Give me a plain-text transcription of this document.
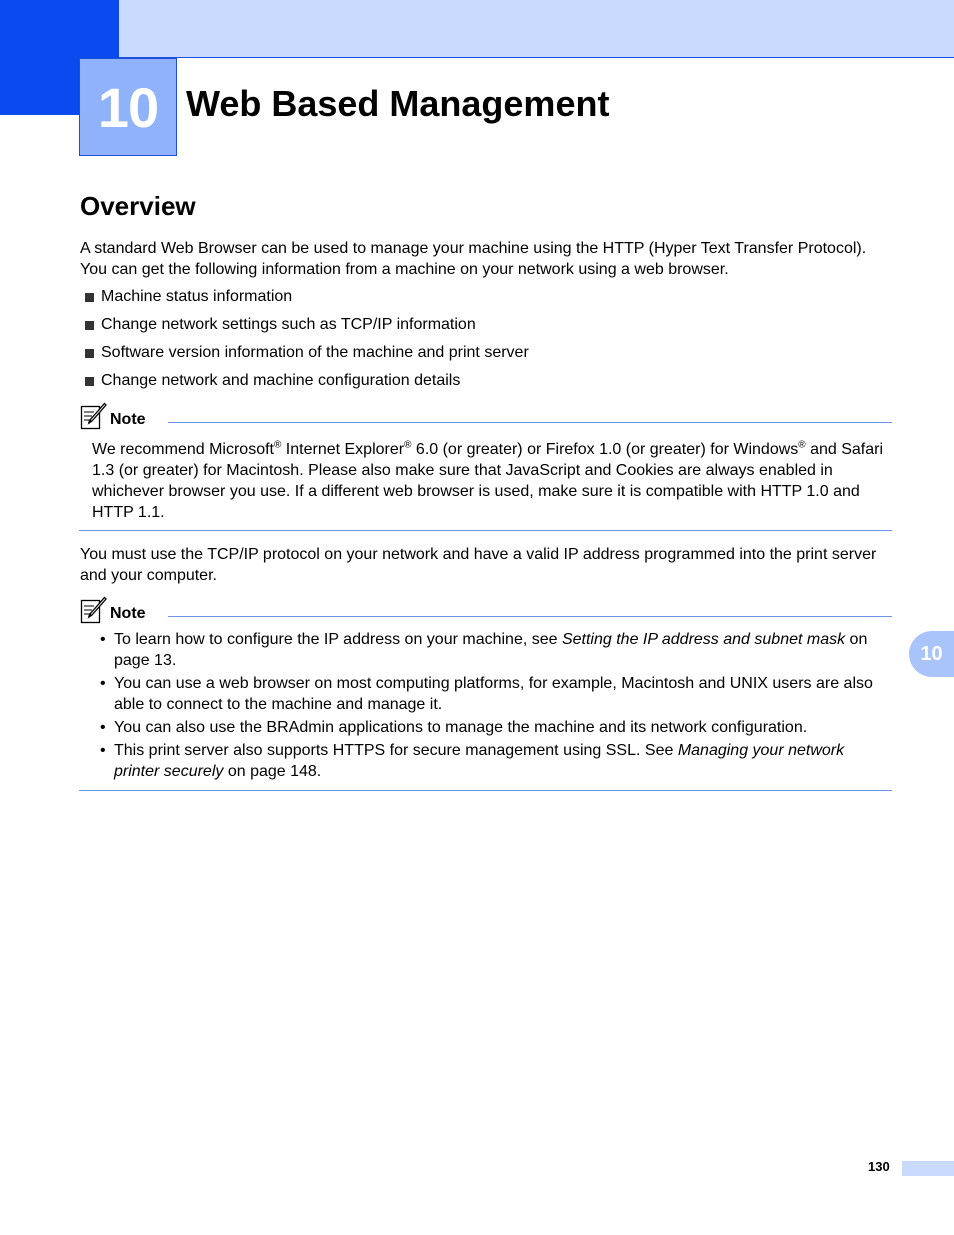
10 Web Based Management
Overview

A standard Web Browser can be used to manage your machine using the HTTP (Hyper Text Transfer Protocol). You can get the following information from a machine on your network using a web browser.

Machine status information
Change network settings such as TCP/IP information
Software version information of the machine and print server
Change network and machine configuration details
Note

We recommend Microsoft® Internet Explorer® 6.0 (or greater) or Firefox 1.0 (or greater) for Windows® and Safari 1.3 (or greater) for Macintosh. Please also make sure that JavaScript and Cookies are always enabled in whichever browser you use. If a different web browser is used, make sure it is compatible with HTTP 1.0 and HTTP 1.1.

You must use the TCP/IP protocol on your network and have a valid IP address programmed into the print server and your computer.

Note
• To learn how to configure the IP address on your machine, see Setting the IP address and subnet mask on page 13.
• You can use a web browser on most computing platforms, for example, Macintosh and UNIX users are also able to connect to the machine and manage it.
• You can also use the BRAdmin applications to manage the machine and its network configuration.
• This print server also supports HTTPS for secure management using SSL. See Managing your network printer securely on page 148.
10
130
